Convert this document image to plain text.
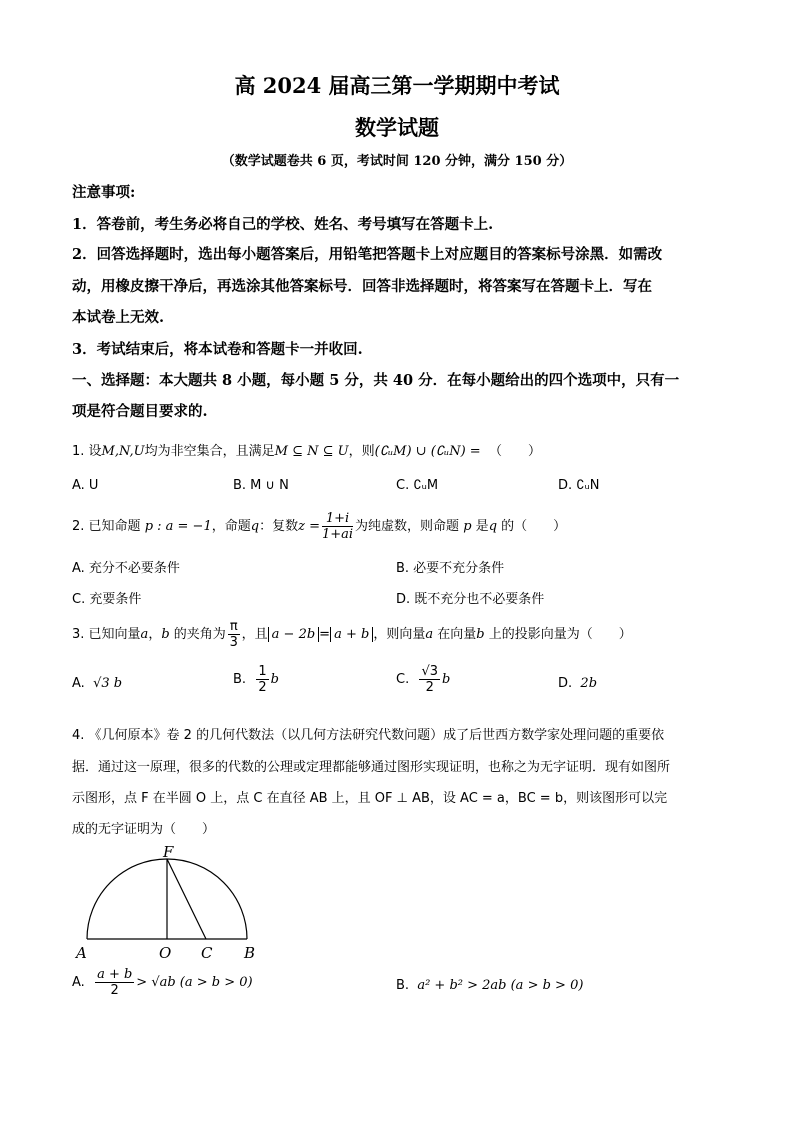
高 2024 届高三第一学期期中考试
数学试题
（数学试题卷共 6 页，考试时间 120 分钟，满分 150 分）
注意事项:
1．答卷前，考生务必将自己的学校、姓名、考号填写在答题卡上.
2．回答选择题时，选出每小题答案后，用铅笔把答题卡上对应题目的答案标号涂黑．如需改
动，用橡皮擦干净后，再选涂其他答案标号．回答非选择题时，将答案写在答题卡上．写在
本试卷上无效.
3．考试结束后，将本试卷和答题卡一并收回.
一、选择题：本大题共 8 小题，每小题 5 分，共 40 分．在每小题给出的四个选项中，只有一
项是符合题目要求的.
1. 设M,N,U均为非空集合，且满足M ⊆ N ⊆ U，则(∁ᵤM) ∪ (∁ᵤN) = （　　）
A. U	B. M ∪ N	C. ∁ᵤM	D. ∁ᵤN
2. 已知命题 p : a = −1，命题q：复数$z = \frac{1+i}{1+ai}$ 为纯虚数，则命题 p 是q 的（　　）
A. 充分不必要条件	B. 必要不充分条件
C. 充要条件	D. 既不充分也不必要条件
3. 已知向量a，b 的夹角为 $\frac{\pi}{3}$ ，且 a − 2b = a + b ，则向量a 在向量b 上的投影向量为（　　）
A. √3 b	B. $\frac{1}{2}$ b	C. $\frac{√3}{2}$ b	D. 2b
4. 《几何原本》卷 2 的几何代数法（以几何方法研究代数问题）成了后世西方数学家处理问题的重要依
据．通过这一原理，很多的代数的公理或定理都能够通过图形实现证明，也称之为无字证明．现有如图所
示图形，点 F 在半圆 O 上，点 C 在直径 AB 上，且 OF ⊥ AB，设 AC = a，BC = b，则该图形可以完
成的无字证明为（　　）
F
A	O C B
A. $\frac{a + b}{2} > √ab$ (a > b > 0)	B. a² + b² > 2ab (a > b > 0)
